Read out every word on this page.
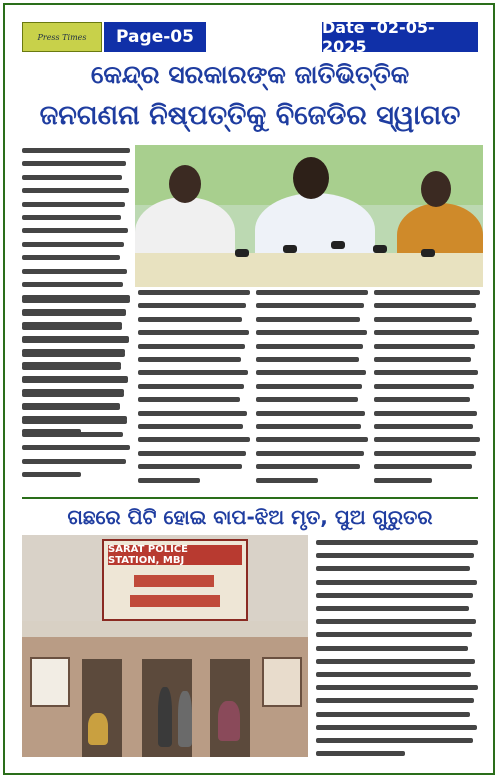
Press Times	Page-05	Date -02-05-2025
କେନ୍ଦ୍ର ସରକାରଙ୍କ ଜାତିଭିତ୍ତିକ
ଜନଗଣନା ନିଷ୍ପତ୍ତିକୁ ବିଜେଡିର ସ୍ୱାଗତ
ଗଛରେ ପିଟି ହୋଇ ବାପ-ଝିଅ ମୃତ, ପୁଅ ଗୁରୁତର
SARAT POLICE STATION, MBJ
